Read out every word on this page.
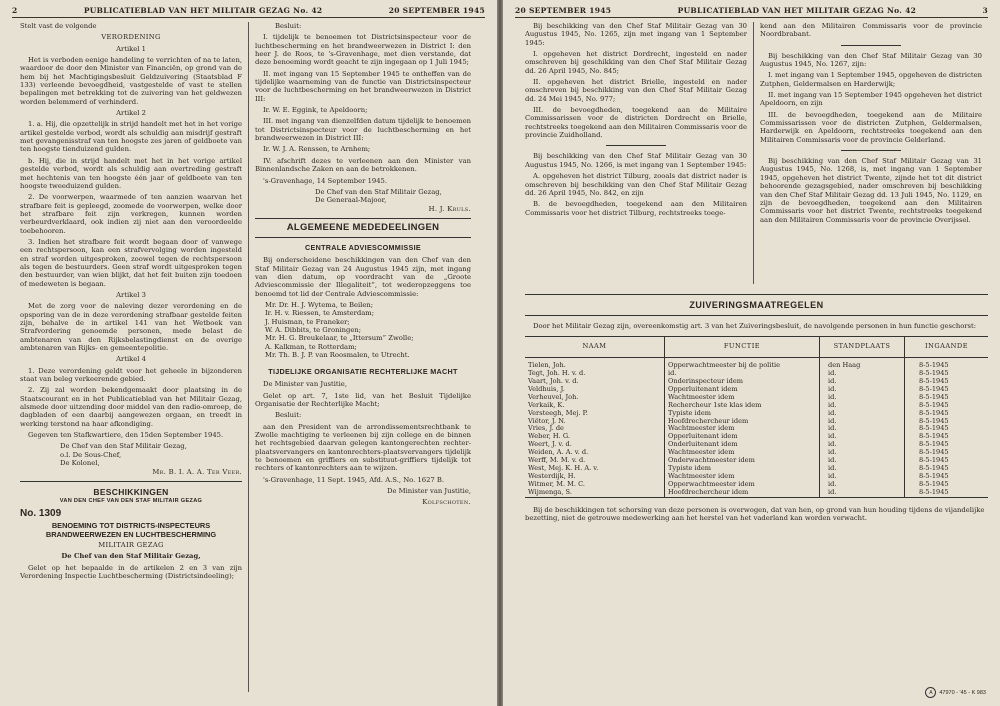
2	PUBLICATIEBLAD VAN HET MILITAIR GEZAG No. 42	20 SEPTEMBER 1945

Stelt vast de volgende

VERORDENING

Artikel 1

Het is verboden eenige handeling te verrichten of na te laten, waardoor de door den Minister van Financiën, op grond van de hem bij het Machtigingsbesluit Geldzuivering (Staatsblad F 133) verleende bevoegdheid, vastgestelde of vast te stellen bepalingen met betrekking tot de zuivering van het geldwezen worden belemmerd of verhinderd.

Artikel 2

1. a. Hij, die opzettelijk in strijd handelt met het in het vorige artikel gestelde verbod, wordt als schuldig aan misdrijf gestraft met gevangenisstraf van ten hoogste zes jaren of geldboete van ten hoogste tienduizend gulden.

b. Hij, die in strijd handelt met het in het vorige artikel gestelde verbod, wordt als schuldig aan overtreding gestraft met hechtenis van ten hoogste één jaar of geldboete van ten hoogste tweeduizend gulden.

2. De voorwerpen, waarmede of ten aanzien waarvan het strafbare feit is gepleegd, zoomede de voorwerpen, welke door het strafbare feit zijn verkregen, kunnen worden verbeurdverklaard, ook indien zij niet aan den veroordeelde toebehooren.

3. Indien het strafbare feit wordt begaan door of vanwege een rechtspersoon, kan een strafvervolging worden ingesteld en straf worden uitgesproken, zoowel tegen de rechtspersoon als tegen de bestuurders. Geen straf wordt uitgesproken tegen den bestuurder, van wien blijkt, dat het feit buiten zijn toedoen of medeweten is begaan.

Artikel 3

Met de zorg voor de naleving dezer verordening en de opsporing van de in deze verordening strafbaar gestelde feiten zijn, behalve de in artikel 141 van het Wetboek van Strafvordering genoemde personen, mede belast de ambtenaren van den Rijksbelastingdienst en de overige ambtenaren van Rijks- en gemeentepolitie.

Artikel 4

1. Deze verordening geldt voor het geheele in bijzonderen staat van beleg verkeerende gebied.

2. Zij zal worden bekendgemaakt door plaatsing in de Staatscourant en in het Publicatieblad van het Militair Gezag, alsmede door uitzending door middel van den radio-omroep, de dagbladen of een daarbij aangewezen orgaan, en treedt in werking terstond na haar afkondiging.

Gegeven ten Stafkwartiere, den 15den September 1945.

De Chef van den Staf Militair Gezag,

o.l. De Sous-Chef,

De Kolonel,

Mr. B. I. A. A. Ter Veer.

BESCHIKKINGEN
VAN DEN CHEF VAN DEN STAF MILITAIR GEZAG
No. 1309
BENOEMING TOT DISTRICTS-INSPECTEURS BRANDWEERWEZEN EN LUCHTBESCHERMING

MILITAIR GEZAG

De Chef van den Staf Militair Gezag,

Gelet op het bepaalde in de artikelen 2 en 3 van zijn Verordening Inspectie Luchtbescherming (Districtsindeeling);

Besluit:

I. tijdelijk te benoemen tot Districtsinspecteur voor de luchtbescherming en het brandweerwezen in District I: den heer J. de Roos, te 's-Gravenhage, met dien verstande, dat deze benoeming wordt geacht te zijn ingegaan op 1 Juli 1945;

II. met ingang van 15 September 1945 te ontheffen van de tijdelijke waarneming van de functie van Districtsinspecteur voor de luchtbescherming en het brandweerwezen in District III:

Ir. W. E. Eggink, te Apeldoorn;

III. met ingang van dienzelfden datum tijdelijk te benoemen tot Districtsinspecteur voor de luchtbescherming en het brandweerwezen in District III:

Ir. W. J. A. Renssen, te Arnhem;

IV. afschrift dezes te verleenen aan den Minister van Binnenlandsche Zaken en aan de betrokkenen.

's-Gravenhage, 14 September 1945.

De Chef van den Staf Militair Gezag,

De Generaal-Majoor,

H. J. Kruls.

ALGEMEENE MEDEDEELINGEN
CENTRALE ADVIESCOMMISSIE

Bij onderscheidene beschikkingen van den Chef van den Staf Militair Gezag van 24 Augustus 1945 zijn, met ingang van dien datum, op voordracht van de „Groote Adviescommissie der Illegaliteit”, tot wederopzeggens toe benoemd tot lid der Centrale Adviescommissie:

Mr. Dr. H. J. Wytema, te Beilen;

Ir. H. v. Riessen, te Amsterdam;

J. Huisman, te Franeker;

W. A. Dibbits, te Groningen;

Mr. H. G. Breukelaar, te „Ittersum” Zwolle;

A. Kalkman, te Rotterdam;

Mr. Th. B. J. P. van Roosmalen, te Utrecht.

TIJDELIJKE ORGANISATIE RECHTERLIJKE MACHT

De Minister van Justitie,

Gelet op art. 7, 1ste lid, van het Besluit Tijdelijke Organisatie der Rechterlijke Macht;

Besluit:

aan den President van de arrondissementsrechtbank te Zwolle machtiging te verleenen bij zijn college en de binnen het rechtsgebied daarvan gelegen kantongerechten rechter-plaatsvervangers en kantonrechters-plaatsvervangers tijdelijk te benoemen en griffiers en substituut-griffiers tijdelijk tot rechters of kantonrechters aan te wijzen.

's-Gravenhage, 11 Sept. 1945, Afd. A.S., No. 1627 B.

De Minister van Justitie,

Kolfschoten.

20 SEPTEMBER 1945	PUBLICATIEBLAD VAN HET MILITAIR GEZAG No. 42	3

Bij beschikking van den Chef Staf Militair Gezag van 30 Augustus 1945, No. 1265, zijn met ingang van 1 September 1945:

I. opgeheven het district Dordrecht, ingesteld en nader omschreven bij geschikking van den Chef Staf Militair Gezag dd. 26 April 1945, No. 845;

II. opgeheven het district Brielle, ingesteld en nader omschreven bij beschikking van den Chef Staf Militair Gezag dd. 24 Mei 1945, No. 977;

III. de bevoegdheden, toegekend aan de Militaire Commissarissen voor de districten Dordrecht en Brielle, rechtstreeks toegekend aan den Militairen Commissaris voor de provincie Zuidholland.

Bij beschikking van den Chef Staf Militair Gezag van 30 Augustus 1945, No. 1266, is met ingang van 1 September 1945:

A. opgeheven het district Tilburg, zooals dat district nader is omschreven bij beschikking van den Chef Staf Militair Gezag dd. 26 April 1945, No. 842, en zijn

B. de bevoegdheden, toegekend aan den Militairen Commissaris voor het district Tilburg, rechtstreeks toege-

kend aan den Militairen Commissaris voor de provincie Noordbrabant.

Bij beschikking van den Chef Staf Militair Gezag van 30 Augustus 1945, No. 1267, zijn:

I. met ingang van 1 September 1945, opgeheven de districten Zutphen, Geldermalsen en Harderwijk;

II. met ingang van 15 September 1945 opgeheven het district Apeldoorn, en zijn

III. de bevoegdheden, toegekend aan de Militaire Commissarissen voor de districten Zutphen, Geldermalsen, Harderwijk en Apeldoorn, rechtstreeks toegekend aan den Militairen Commissaris voor de provincie Gelderland.

Bij beschikking van den Chef Staf Militair Gezag van 31 Augustus 1945, No. 1268, is, met ingang van 1 September 1945, opgeheven het district Twente, zijnde het tot dit district behoorende gezagsgebied, nader omschreven bij beschikking van den Chef Staf Militair Gezag dd. 13 Juli 1945, No. 1129, en zijn de bevoegdheden, toegekend aan den Militairen Commissaris voor het district Twente, rechtstreeks toegekend aan den Militairen Commissaris voor de provincie Overijssel.

ZUIVERINGSMAATREGELEN

Door het Militair Gezag zijn, overeenkomstig art. 3 van het Zuiveringsbesluit, de navolgende personen in hun functie geschorst:

NAAM	FUNCTIE	STANDPLAATS	INGAANDE
Tielen, Joh.	Opperwachtmeester bij de politie	den Haag	8-5-1945
Tegt, Joh. H. v. d.	id.	id.	8-5-1945
Vaart, Joh. v. d.	Onderinspecteur idem	id.	8-5-1945
Veldhuis, J.	Opperluitenant idem	id.	8-5-1945
Verheuvel, Joh.	Wachtmeester idem	id.	8-5-1945
Verkaik, K.	Rechercheur 1ste klas idem	id.	8-5-1945
Versteegh, Mej. P.	Typiste idem	id.	8-5-1945
Viëtor, J. N.	Hoofdrechercheur idem	id.	8-5-1945
Vries, J. de	Wachtmeester idem	id.	8-5-1945
Weber, H. G.	Opperluitenant idem	id.	8-5-1945
Weert, J. v. d.	Onderluitenant idem	id.	8-5-1945
Weiden, A. A. v. d.	Wachtmeester idem	id.	8-5-1945
Werff, M. M. v. d.	Onderwachtmeester idem	id.	8-5-1945
West, Mej. K. H. A. v.	Typiste idem	id.	8-5-1945
Westerdijk, H.	Wachtmeester idem	id.	8-5-1945
Witmer, M. M. C.	Opperwachtmeester idem	id.	8-5-1945
Wijmenga, S.	Hoofdrechercheur idem	id.	8-5-1945

Bij de beschikkingen tot schorsing van deze personen is overwogen, dat van hen, op grond van hun houding tijdens de vijandelijke bezetting, niet de getrouwe medewerking aan het herstel van het vaderland kan worden verwacht.

A	47970 - '45 - K 983
